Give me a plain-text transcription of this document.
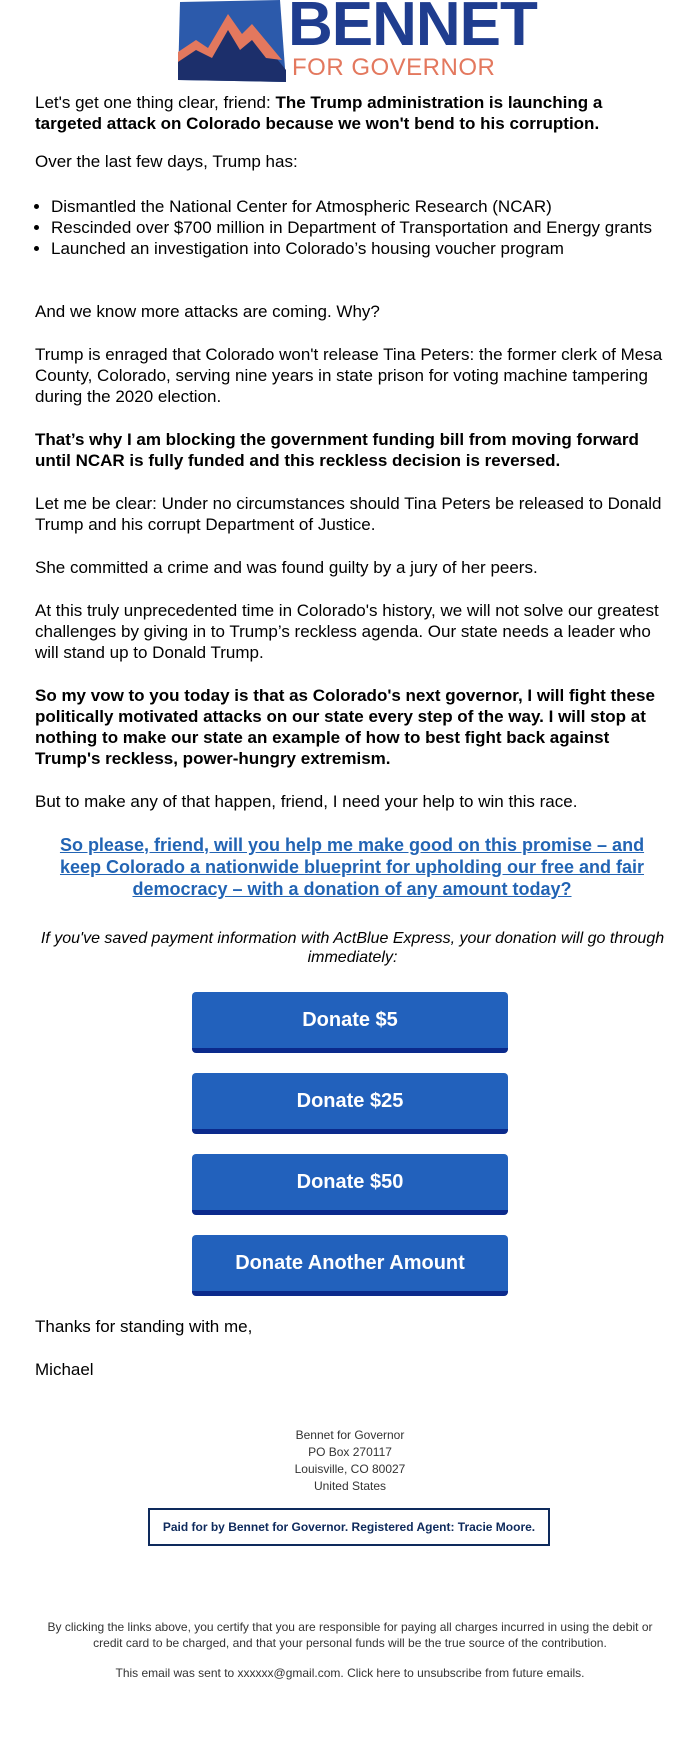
BENNET
FOR GOVERNOR

Let's get one thing clear, friend: The Trump administration is launching a targeted attack on Colorado because we won't bend to his corruption.

Over the last few days, Trump has:

• Dismantled the National Center for Atmospheric Research (NCAR)
• Rescinded over $700 million in Department of Transportation and Energy grants
• Launched an investigation into Colorado’s housing voucher program

And we know more attacks are coming. Why?

Trump is enraged that Colorado won't release Tina Peters: the former clerk of Mesa County, Colorado, serving nine years in state prison for voting machine tampering during the 2020 election.

That’s why I am blocking the government funding bill from moving forward until NCAR is fully funded and this reckless decision is reversed.

Let me be clear: Under no circumstances should Tina Peters be released to Donald Trump and his corrupt Department of Justice.

She committed a crime and was found guilty by a jury of her peers.

At this truly unprecedented time in Colorado's history, we will not solve our greatest challenges by giving in to Trump’s reckless agenda. Our state needs a leader who will stand up to Donald Trump.

So my vow to you today is that as Colorado's next governor, I will fight these politically motivated attacks on our state every step of the way. I will stop at nothing to make our state an example of how to best fight back against Trump's reckless, power-hungry extremism.

But to make any of that happen, friend, I need your help to win this race.

So please, friend, will you help me make good on this promise – and keep Colorado a nationwide blueprint for upholding our free and fair democracy – with a donation of any amount today?

If you've saved payment information with ActBlue Express, your donation will go through immediately:

Donate $5
Donate $25
Donate $50
Donate Another Amount

Thanks for standing with me,

Michael

Bennet for Governor
PO Box 270117
Louisville, CO 80027
United States
Paid for by Bennet for Governor. Registered Agent: Tracie Moore.

By clicking the links above, you certify that you are responsible for paying all charges incurred in using the debit or credit card to be charged, and that your personal funds will be the true source of the contribution.

This email was sent to xxxxxx@gmail.com. Click here to unsubscribe from future emails.
